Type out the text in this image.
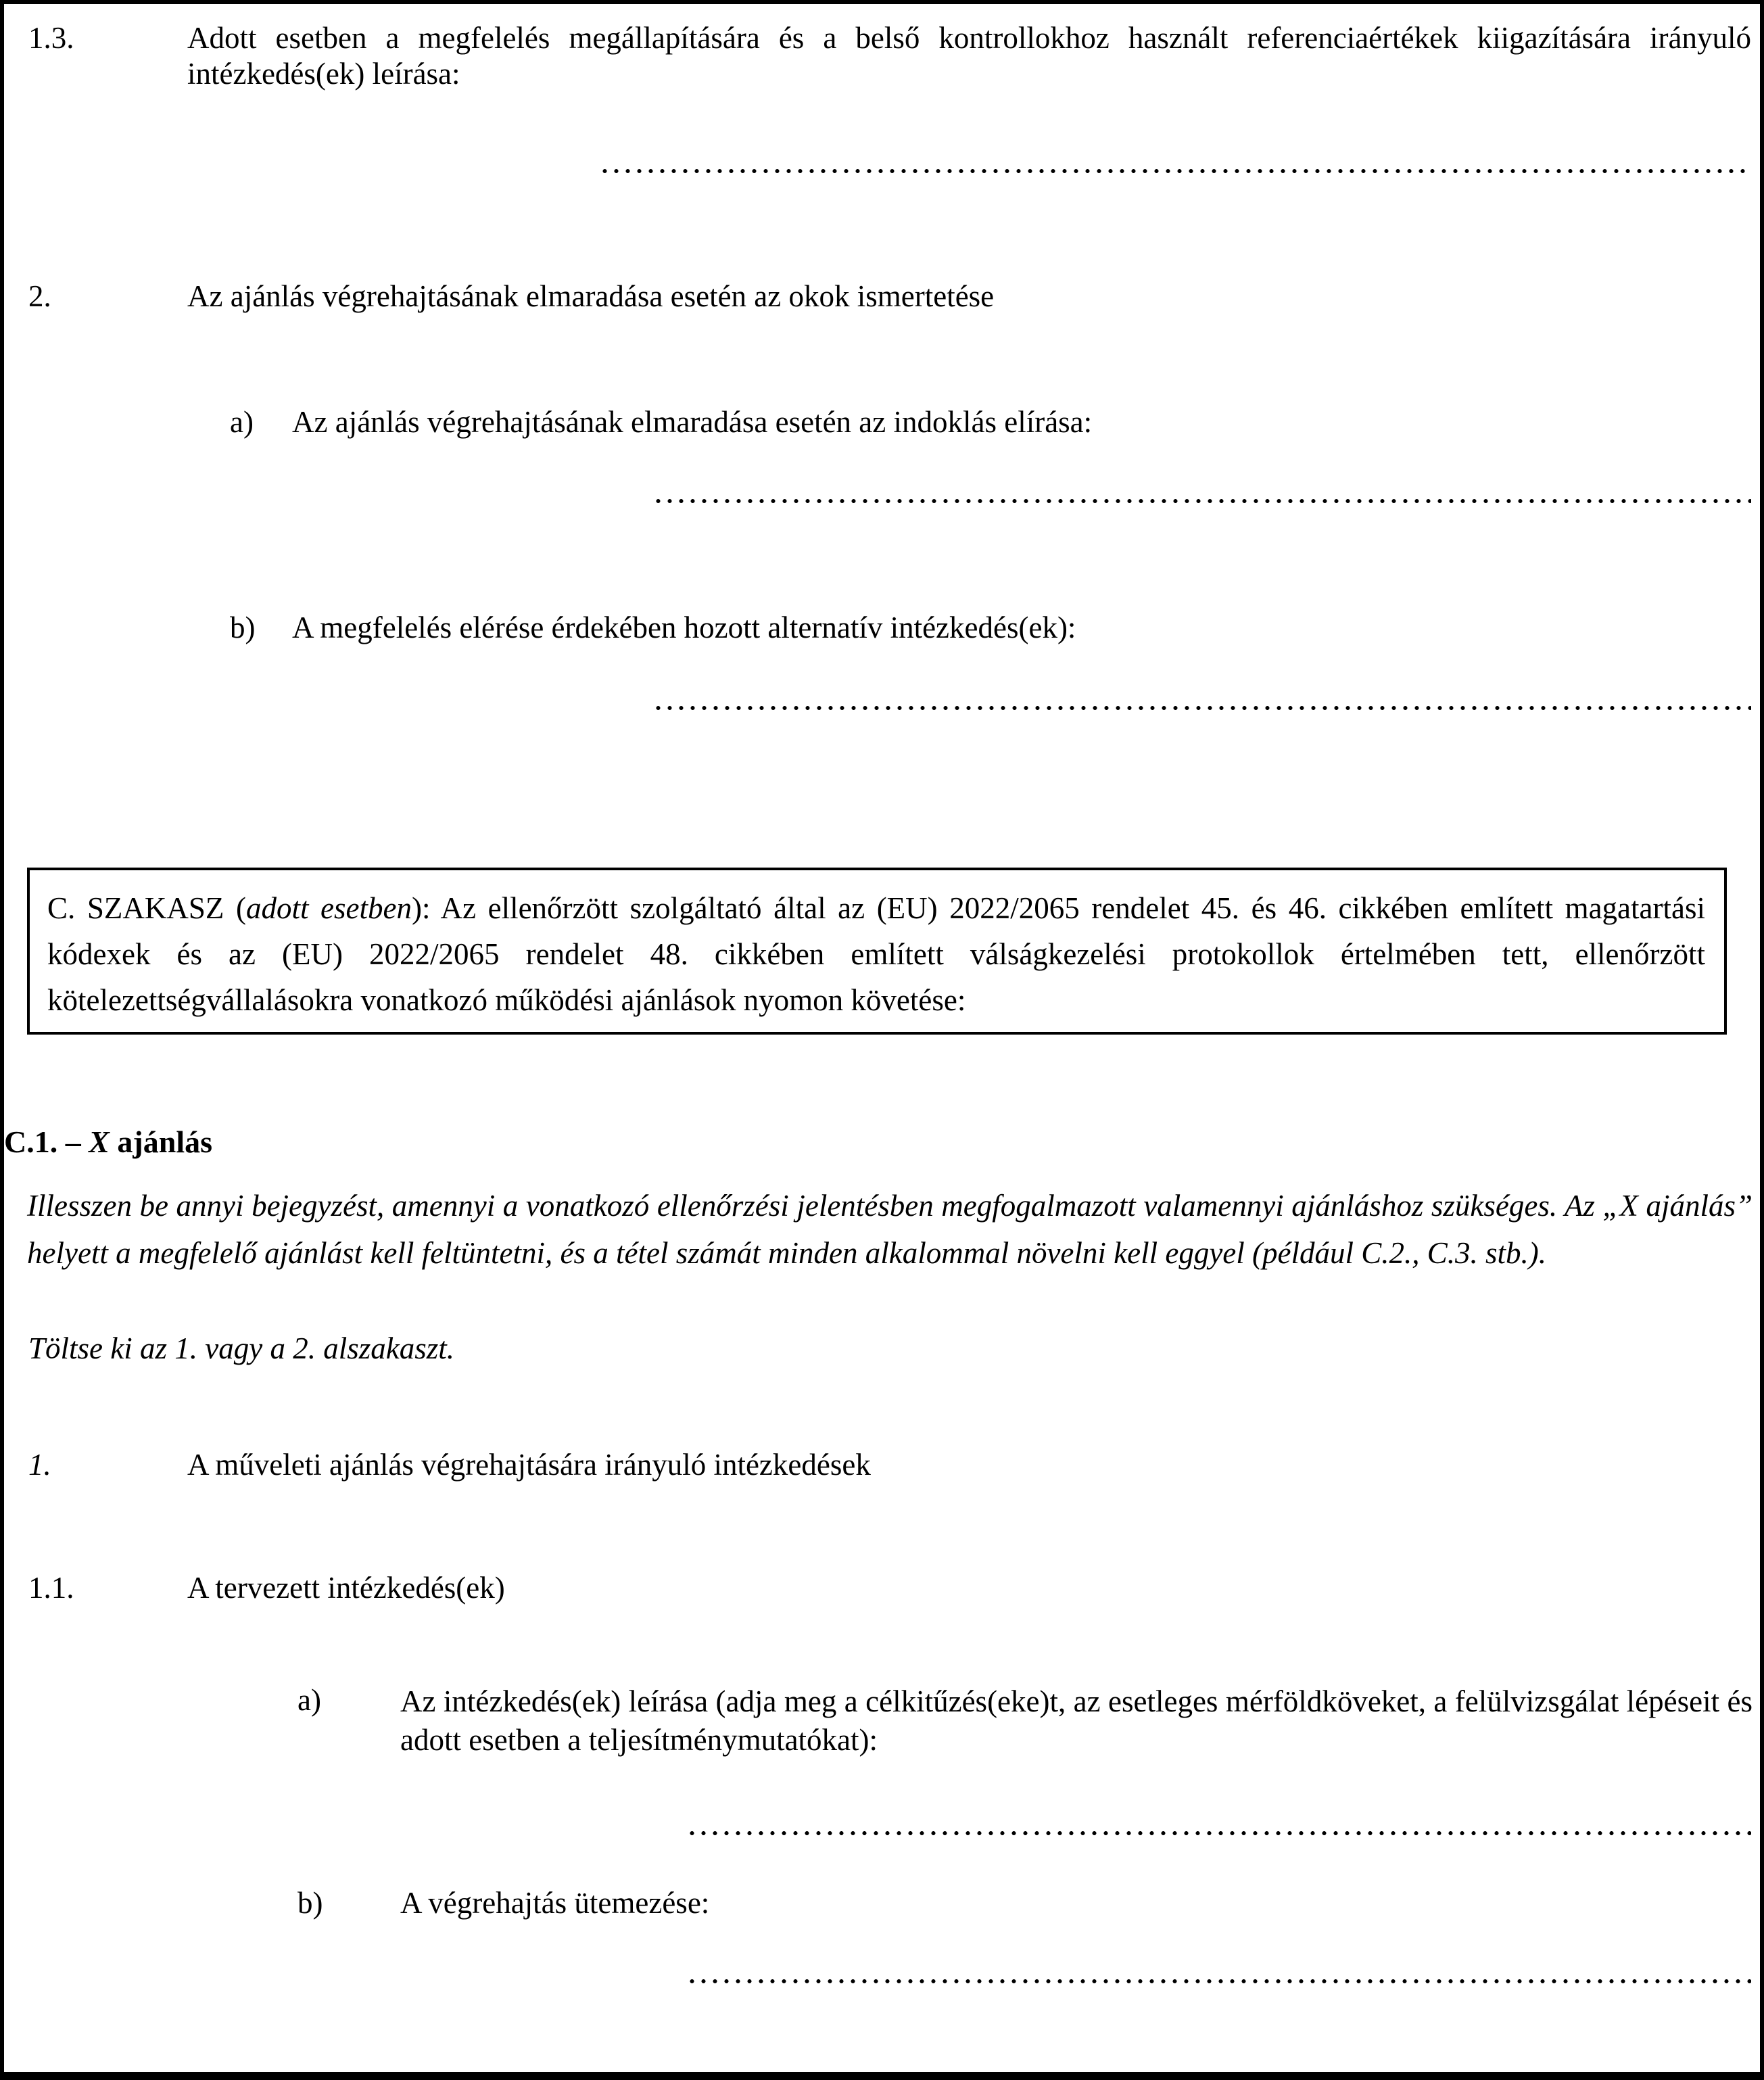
1.3.	Adott esetben a megfelelés megállapítására és a belső kontrollokhoz használt referenciaértékek kiigazítására irányuló intézkedés(ek) leírása:
2.	Az ajánlás végrehajtásának elmaradása esetén az okok ismertetése
a) Az ajánlás végrehajtásának elmaradása esetén az indoklás elírása:
b) A megfelelés elérése érdekében hozott alternatív intézkedés(ek):
C. SZAKASZ (adott esetben): Az ellenőrzött szolgáltató által az (EU) 2022/2065 rendelet 45. és 46. cikkében említett magatartási kódexek és az (EU) 2022/2065 rendelet 48. cikkében említett válságkezelési protokollok értelmében tett, ellenőrzött kötelezettségvállalásokra vonatkozó működési ajánlások nyomon követése:
C.1. – X ajánlás
Illesszen be annyi bejegyzést, amennyi a vonatkozó ellenőrzési jelentésben megfogalmazott valamennyi ajánláshoz szükséges. Az „X ajánlás” helyett a megfelelő ajánlást kell feltüntetni, és a tétel számát minden alkalommal növelni kell eggyel (például C.2., C.3. stb.).
Töltse ki az 1. vagy a 2. alszakaszt.
1.	A műveleti ajánlás végrehajtására irányuló intézkedések
1.1.	A tervezett intézkedés(ek)
a)	Az intézkedés(ek) leírása (adja meg a célkitűzés(eke)t, az esetleges mérföldköveket, a felülvizsgálat lépéseit és adott esetben a teljesítménymutatókat):
b)	A végrehajtás ütemezése:
